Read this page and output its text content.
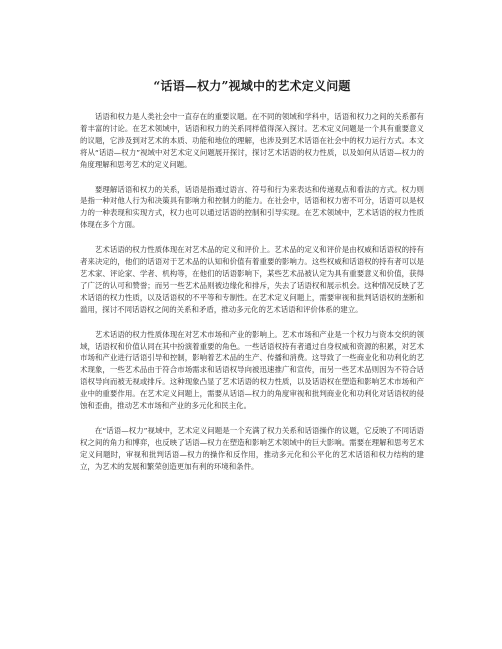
“话语—权力”视域中的艺术定义问题

话语和权力是人类社会中一直存在的重要议题。在不同的领域和学科中，话语和权力之间的关系都有着丰富的讨论。在艺术领域中，话语和权力的关系同样值得深入探讨。艺术定义问题是一个具有重要意义的议题，它涉及到对艺术的本质、功能和地位的理解，也涉及到艺术话语在社会中的权力运行方式。本文将从“话语—权力”视域中对艺术定义问题展开探讨，探讨艺术话语的权力性质，以及如何从话语—权力的角度理解和思考艺术的定义问题。

要理解话语和权力的关系，话语是指通过语言、符号和行为来表达和传递观点和看法的方式。权力则是指一种对他人行为和决策具有影响力和控制力的能力。在社会中，话语和权力密不可分，话语可以是权力的一种表现和实现方式，权力也可以通过话语的控制和引导实现。在艺术领域中，艺术话语的权力性质体现在多个方面。

艺术话语的权力性质体现在对艺术品的定义和评价上。艺术品的定义和评价是由权威和话语权的持有者来决定的，他们的话语对于艺术品的认知和价值有着重要的影响力。这些权威和话语权的持有者可以是艺术家、评论家、学者、机构等，在他们的话语影响下，某些艺术品被认定为具有重要意义和价值，获得了广泛的认可和赞誉；而另一些艺术品则被边缘化和排斥，失去了话语权和展示机会。这种情况反映了艺术话语的权力性质，以及话语权的不平等和专制性。在艺术定义问题上，需要审视和批判话语权的垄断和滥用，探讨不同话语权之间的关系和矛盾，推动多元化的艺术话语和评价体系的建立。

艺术话语的权力性质体现在对艺术市场和产业的影响上。艺术市场和产业是一个权力与资本交织的领域，话语权和价值认同在其中扮演着重要的角色。一些话语权持有者通过自身权威和资源的积累，对艺术市场和产业进行话语引导和控制，影响着艺术品的生产、传播和消费。这导致了一些商业化和功利化的艺术现象，一些艺术品由于符合市场需求和话语权导向被迅速推广和宣传，而另一些艺术品则因为不符合话语权导向而被无视或排斥。这种现象凸显了艺术话语的权力性质，以及话语权在塑造和影响艺术市场和产业中的重要作用。在艺术定义问题上，需要从话语—权力的角度审视和批判商业化和功利化对话语权的侵蚀和歪曲，推动艺术市场和产业的多元化和民主化。

在“话语—权力”视域中，艺术定义问题是一个充满了权力关系和话语操作的议题，它反映了不同话语权之间的角力和博弈，也反映了话语—权力在塑造和影响艺术领域中的巨大影响。需要在理解和思考艺术定义问题时，审视和批判话语—权力的操作和反作用，推动多元化和公平化的艺术话语和权力结构的建立，为艺术的发展和繁荣创造更加有利的环境和条件。
